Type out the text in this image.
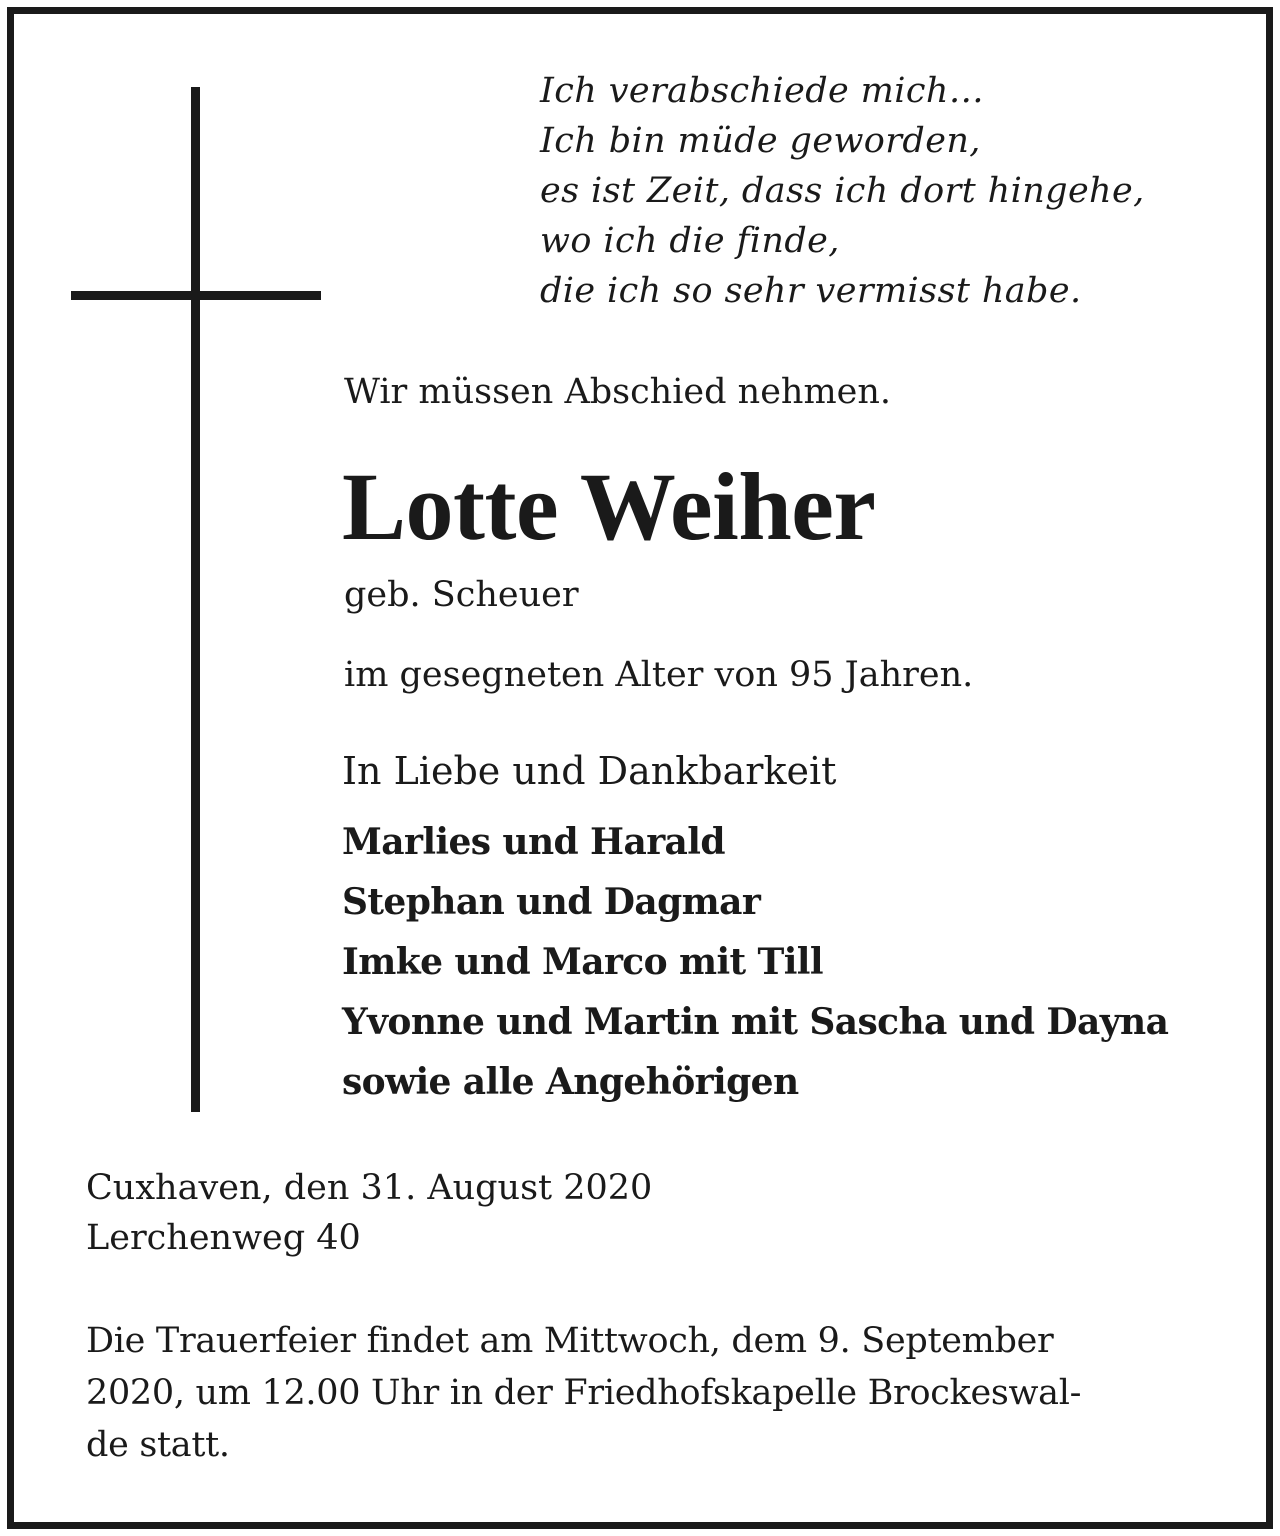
Ich verabschiede mich…
Ich bin müde geworden,
es ist Zeit, dass ich dort hingehe,
wo ich die finde,
die ich so sehr vermisst habe.
Wir müssen Abschied nehmen.
Lotte Weiher
geb. Scheuer
im gesegneten Alter von 95 Jahren.
In Liebe und Dankbarkeit
Marlies und Harald
Stephan und Dagmar
Imke und Marco mit Till
Yvonne und Martin mit Sascha und Dayna
sowie alle Angehörigen
Cuxhaven, den 31. August 2020
Lerchenweg 40
Die Trauerfeier findet am Mittwoch, dem 9. September
2020, um 12.00 Uhr in der Friedhofskapelle Brockeswal-
de statt.
